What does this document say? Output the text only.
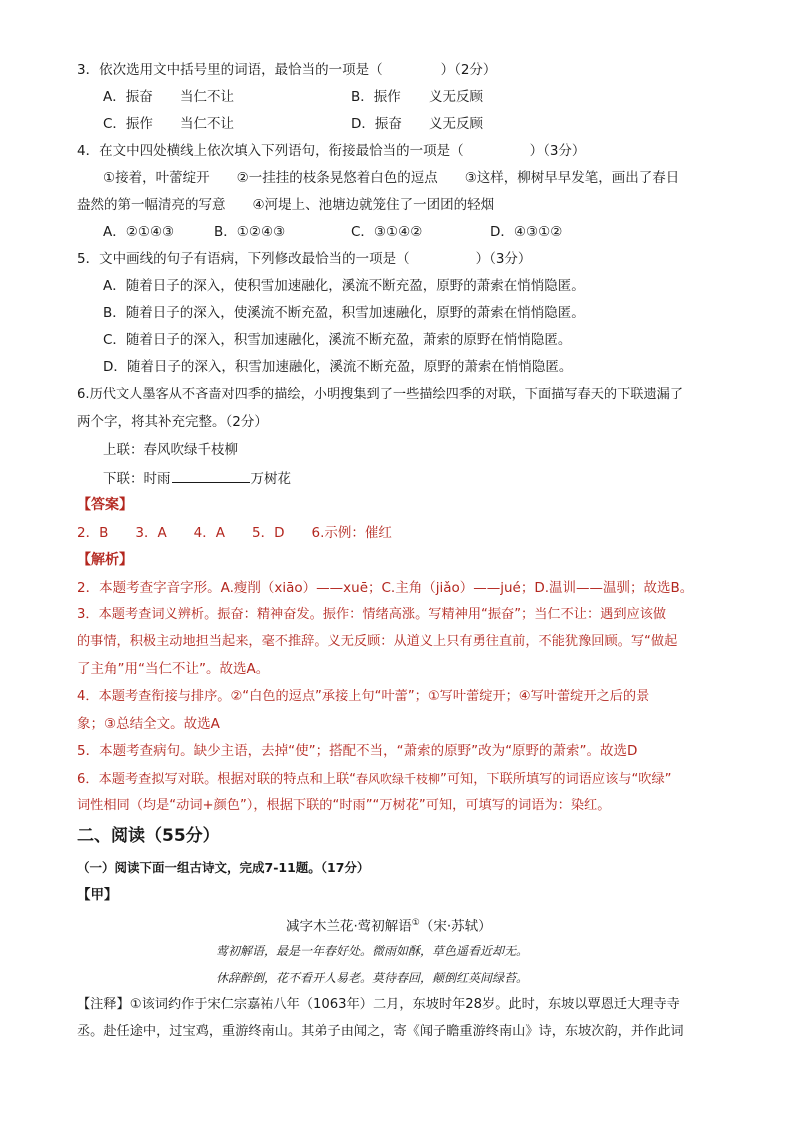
3．依次选用文中括号里的词语，最恰当的一项是（	）（2分）
A．振奋 当仁不让	B．振作 义无反顾
C．振作 当仁不让	D．振奋 义无反顾
4．在文中四处横线上依次填入下列语句，衔接最恰当的一项是（	）（3分）
①接着，叶蕾绽开　　②一挂挂的枝条晃悠着白色的逗点　　③这样，柳树早早发笔，画出了春日
盎然的第一幅清亮的写意　　④河堤上、池塘边就笼住了一团团的轻烟
A．②①④③	B．①②④③	C．③①④②	D．④③①②
5．文中画线的句子有语病，下列修改最恰当的一项是（	）（3分）
A．随着日子的深入，使积雪加速融化，溪流不断充盈，原野的萧索在悄悄隐匿。
B．随着日子的深入，使溪流不断充盈，积雪加速融化，原野的萧索在悄悄隐匿。
C．随着日子的深入，积雪加速融化，溪流不断充盈，萧索的原野在悄悄隐匿。
D．随着日子的深入，积雪加速融化，溪流不断充盈，原野的萧索在悄悄隐匿。
6.历代文人墨客从不吝啬对四季的描绘，小明搜集到了一些描绘四季的对联，下面描写春天的下联遗漏了
两个字，将其补充完整。（2分）
上联：春风吹绿千枝柳
下联：时雨	万树花
【答案】
2．B　　3．A　　4．A　　5．D　　6.示例：催红
【解析】
2．本题考查字音字形。A.瘦削（xiāo）——xuē；C.主角（jiǎo）——jué；D.温训——温驯；故选B。
3．本题考查词义辨析。振奋：精神奋发。振作：情绪高涨。写精神用“振奋”；当仁不让：遇到应该做
的事情，积极主动地担当起来，毫不推辞。义无反顾：从道义上只有勇往直前，不能犹豫回顾。写“做起
了主角”用“当仁不让”。故选A。
4．本题考查衔接与排序。②“白色的逗点”承接上句“叶蕾”；①写叶蕾绽开；④写叶蕾绽开之后的景
象；③总结全文。故选A
5．本题考查病句。缺少主语，去掉“使”；搭配不当，“萧索的原野”改为“原野的萧索”。故选D
6．本题考查拟写对联。根据对联的特点和上联“春风吹绿千枝柳”可知，下联所填写的词语应该与“吹绿”
词性相同（均是“动词+颜色”），根据下联的“时雨”“万树花”可知，可填写的词语为：染红。
二、阅读（55分）
（一）阅读下面一组古诗文，完成7-11题。（17分）
【甲】
减字木兰花·莺初解语①（宋·苏轼）
莺初解语，最是一年春好处。微雨如酥，草色遥看近却无。
休辞醉倒，花不看开人易老。莫待春回，颠倒红英间绿苔。
【注释】①该词约作于宋仁宗嘉祐八年（1063年）二月，东坡时年28岁。此时，东坡以覃恩迁大理寺寺
丞。赴任途中，过宝鸡，重游终南山。其弟子由闻之，寄《闻子瞻重游终南山》诗，东坡次韵，并作此词
